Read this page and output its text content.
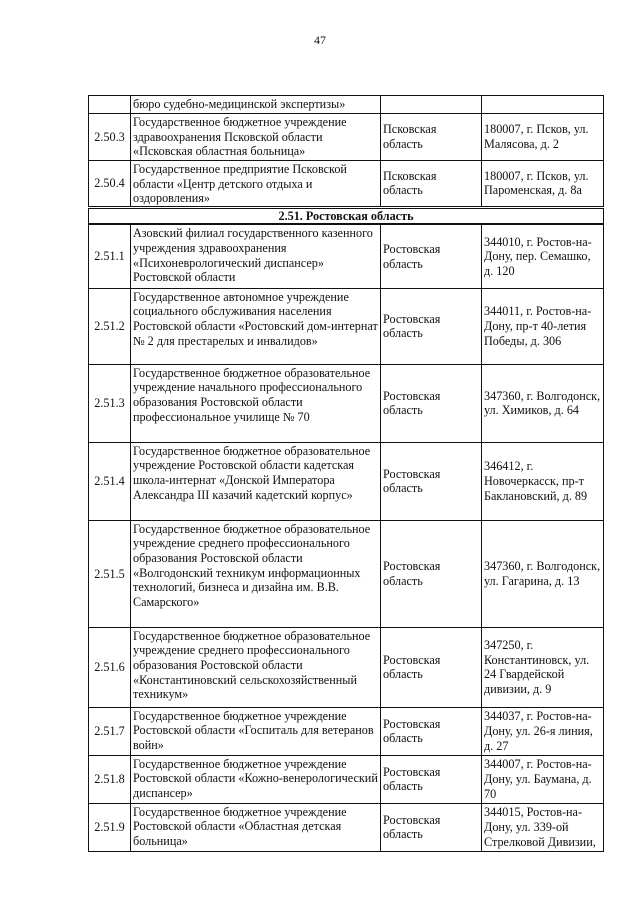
47
	бюро судебно-медицинской экспертизы»		
2.50.3	Государственное бюджетное учреждение здравоохранения Псковской области «Псковская областная больница»	Псковская область	180007, г. Псков, ул. Малясова, д. 2
2.50.4	Государственное предприятие Псковской области «Центр детского отдыха и оздоровления»	Псковская область	180007, г. Псков, ул. Пароменская, д. 8а
2.51. Ростовская область			
2.51.1	Азовский филиал государственного казенного учреждения здравоохранения «Психоневрологический диспансер» Ростовской области	Ростовская область	344010, г. Ростов-на-Дону, пер. Семашко, д. 120
2.51.2	Государственное автономное учреждение социального обслуживания населения Ростовской области «Ростовский дом-интернат № 2 для престарелых и инвалидов»	Ростовская область	344011, г. Ростов-на-Дону, пр-т 40-летия Победы, д. 306
2.51.3	Государственное бюджетное образовательное учреждение начального профессионального образования Ростовской области профессиональное училище № 70	Ростовская область	347360, г. Волгодонск, ул. Химиков, д. 64
2.51.4	Государственное бюджетное образовательное учреждение Ростовской области кадетская школа-интернат «Донской Императора Александра III казачий кадетский корпус»	Ростовская область	346412, г. Новочеркасск, пр-т Баклановский, д. 89
2.51.5	Государственное бюджетное образовательное учреждение среднего профессионального образования Ростовской области «Волгодонский техникум информационных технологий, бизнеса и дизайна им. В.В. Самарского»	Ростовская область	347360, г. Волгодонск, ул. Гагарина, д. 13
2.51.6	Государственное бюджетное образовательное учреждение среднего профессионального образования Ростовской области «Константиновский сельскохозяйственный техникум»	Ростовская область	347250, г. Константиновск, ул. 24 Гвардейской дивизии, д. 9
2.51.7	Государственное бюджетное учреждение Ростовской области «Госпиталь для ветеранов войн»	Ростовская область	344037, г. Ростов-на-Дону, ул. 26-я линия, д. 27
2.51.8	Государственное бюджетное учреждение Ростовской области «Кожно-венерологический диспансер»	Ростовская область	344007, г. Ростов-на-Дону, ул. Баумана, д. 70
2.51.9	Государственное бюджетное учреждение Ростовской области «Областная детская больница»	Ростовская область	344015, Ростов-на-Дону, ул. 339-ой Стрелковой Дивизии,
